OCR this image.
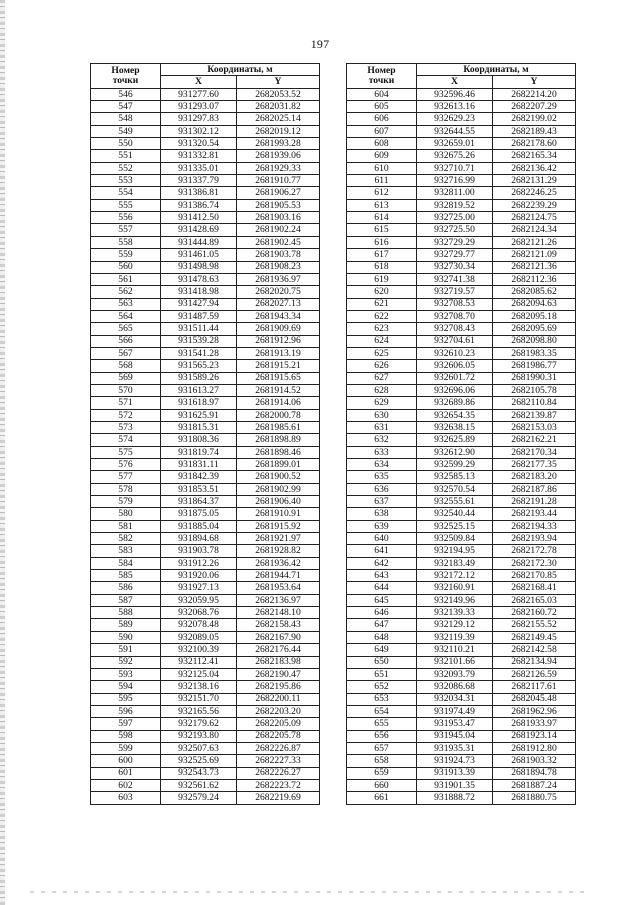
197
Номер
точки	Координаты, м	
	X	Y
546	931277.60	2682053.52
547	931293.07	2682031.82
548	931297.83	2682025.14
549	931302.12	2682019.12
550	931320.54	2681993.28
551	931332.81	2681939.06
552	931335.01	2681929.33
553	931337.79	2681910.77
554	931386.81	2681906.27
555	931386.74	2681905.53
556	931412.50	2681903.16
557	931428.69	2681902.24
558	931444.89	2681902.45
559	931461.05	2681903.78
560	931498.98	2681908.23
561	931478.63	2681936.97
562	931418.98	2682020.75
563	931427.94	2682027.13
564	931487.59	2681943.34
565	931511.44	2681909.69
566	931539.28	2681912.96
567	931541.28	2681913.19
568	931565.23	2681915.21
569	931589.26	2681915.65
570	931613.27	2681914.52
571	931618.97	2681914.06
572	931625.91	2682000.78
573	931815.31	2681985.61
574	931808.36	2681898.89
575	931819.74	2681898.46
576	931831.11	2681899.01
577	931842.39	2681900.52
578	931853.51	2681902.99
579	931864.37	2681906.40
580	931875.05	2681910.91
581	931885.04	2681915.92
582	931894.68	2681921.97
583	931903.78	2681928.82
584	931912.26	2681936.42
585	931920.06	2681944.71
586	931927.13	2681953.64
587	932059.95	2682136.97
588	932068.76	2682148.10
589	932078.48	2682158.43
590	932089.05	2682167.90
591	932100.39	2682176.44
592	932112.41	2682183.98
593	932125.04	2682190.47
594	932138.16	2682195.86
595	932151.70	2682200.11
596	932165.56	2682203.20
597	932179.62	2682205.09
598	932193.80	2682205.78
599	932507.63	2682226.87
600	932525.69	2682227.33
601	932543.73	2682226.27
602	932561.62	2682223.72
603	932579.24	2682219.69
Номер
точки	Координаты, м	
	X	Y
604	932596.46	2682214.20
605	932613.16	2682207.29
606	932629.23	2682199.02
607	932644.55	2682189.43
608	932659.01	2682178.60
609	932675.26	2682165.34
610	932710.71	2682136.42
611	932716.99	2682131.29
612	932811.00	2682246.25
613	932819.52	2682239.29
614	932725.00	2682124.75
615	932725.50	2682124.34
616	932729.29	2682121.26
617	932729.77	2682121.09
618	932730.34	2682121.36
619	932741.38	2682112.36
620	932719.57	2682085.62
621	932708.53	2682094.63
622	932708.70	2682095.18
623	932708.43	2682095.69
624	932704.61	2682098.80
625	932610.23	2681983.35
626	932606.05	2681986.77
627	932601.72	2681990.31
628	932696.06	2682105.78
629	932689.86	2682110.84
630	932654.35	2682139.87
631	932638.15	2682153.03
632	932625.89	2682162.21
633	932612.90	2682170.34
634	932599.29	2682177.35
635	932585.13	2682183.20
636	932570.54	2682187.86
637	932555.61	2682191.28
638	932540.44	2682193.44
639	932525.15	2682194.33
640	932509.84	2682193.94
641	932194.95	2682172.78
642	932183.49	2682172.30
643	932172.12	2682170.85
644	932160.91	2682168.41
645	932149.96	2682165.03
646	932139.33	2682160.72
647	932129.12	2682155.52
648	932119.39	2682149.45
649	932110.21	2682142.58
650	932101.66	2682134.94
651	932093.79	2682126.59
652	932086.68	2682117.61
653	932034.31	2682045.48
654	931974.49	2681962.96
655	931953.47	2681933.97
656	931945.04	2681923.14
657	931935.31	2681912.80
658	931924.73	2681903.32
659	931913.39	2681894.78
660	931901.35	2681887.24
661	931888.72	2681880.75
